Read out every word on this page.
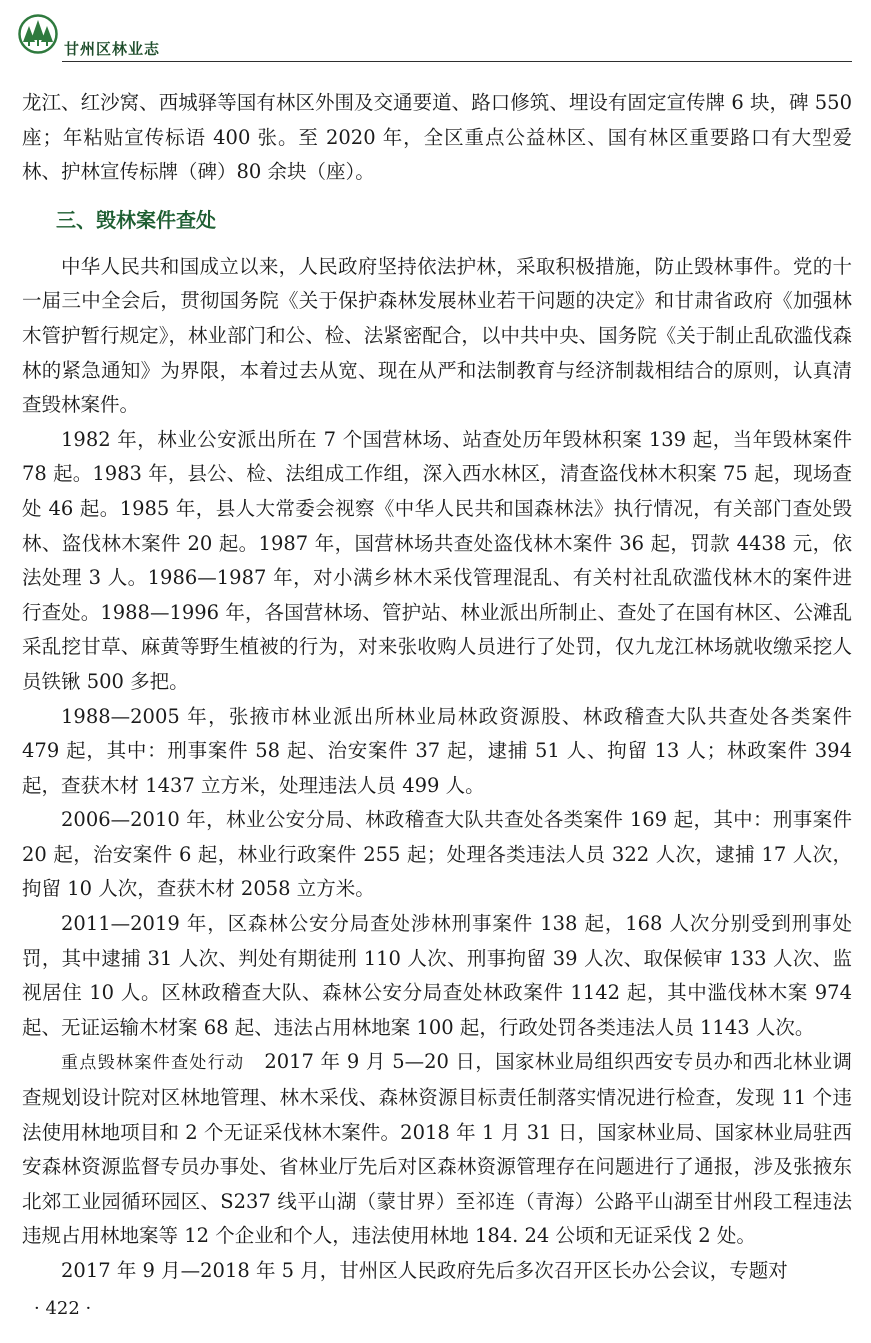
甘州区林业志

龙江、红沙窝、西城驿等国有林区外围及交通要道、路口修筑、埋设有固定宣传牌 6 块，碑 550 座；年粘贴宣传标语 400 张。至 2020 年，全区重点公益林区、国有林区重要路口有大型爱林、护林宣传标牌（碑）80 余块（座）。

三、毁林案件查处

中华人民共和国成立以来，人民政府坚持依法护林，采取积极措施，防止毁林事件。党的十一届三中全会后，贯彻国务院《关于保护森林发展林业若干问题的决定》和甘肃省政府《加强林木管护暂行规定》，林业部门和公、检、法紧密配合，以中共中央、国务院《关于制止乱砍滥伐森林的紧急通知》为界限，本着过去从宽、现在从严和法制教育与经济制裁相结合的原则，认真清查毁林案件。

1982 年，林业公安派出所在 7 个国营林场、站查处历年毁林积案 139 起，当年毁林案件 78 起。1983 年，县公、检、法组成工作组，深入西水林区，清查盗伐林木积案 75 起，现场查处 46 起。1985 年，县人大常委会视察《中华人民共和国森林法》执行情况，有关部门查处毁林、盗伐林木案件 20 起。1987 年，国营林场共查处盗伐林木案件 36 起，罚款 4438 元，依法处理 3 人。1986—1987 年，对小满乡林木采伐管理混乱、有关村社乱砍滥伐林木的案件进行查处。1988—1996 年，各国营林场、管护站、林业派出所制止、查处了在国有林区、公滩乱采乱挖甘草、麻黄等野生植被的行为，对来张收购人员进行了处罚，仅九龙江林场就收缴采挖人员铁锹 500 多把。

1988—2005 年，张掖市林业派出所林业局林政资源股、林政稽查大队共查处各类案件 479 起，其中：刑事案件 58 起、治安案件 37 起，逮捕 51 人、拘留 13 人；林政案件 394 起，查获木材 1437 立方米，处理违法人员 499 人。

2006—2010 年，林业公安分局、林政稽查大队共查处各类案件 169 起，其中：刑事案件 20 起，治安案件 6 起，林业行政案件 255 起；处理各类违法人员 322 人次，逮捕 17 人次，拘留 10 人次，查获木材 2058 立方米。

2011—2019 年，区森林公安分局查处涉林刑事案件 138 起，168 人次分别受到刑事处罚，其中逮捕 31 人次、判处有期徒刑 110 人次、刑事拘留 39 人次、取保候审 133 人次、监视居住 10 人。区林政稽查大队、森林公安分局查处林政案件 1142 起，其中滥伐林木案 974 起、无证运输木材案 68 起、违法占用林地案 100 起，行政处罚各类违法人员 1143 人次。

重点毁林案件查处行动　 2017 年 9 月 5—20 日，国家林业局组织西安专员办和西北林业调查规划设计院对区林地管理、林木采伐、森林资源目标责任制落实情况进行检查，发现 11 个违法使用林地项目和 2 个无证采伐林木案件。2018 年 1 月 31 日，国家林业局、国家林业局驻西安森林资源监督专员办事处、省林业厅先后对区森林资源管理存在问题进行了通报，涉及张掖东北郊工业园循环园区、S237 线平山湖（蒙甘界）至祁连（青海）公路平山湖至甘州段工程违法违规占用林地案等 12 个企业和个人，违法使用林地 184. 24 公顷和无证采伐 2 处。

2017 年 9 月—2018 年 5 月，甘州区人民政府先后多次召开区长办公会议，专题对

· 422 ·
